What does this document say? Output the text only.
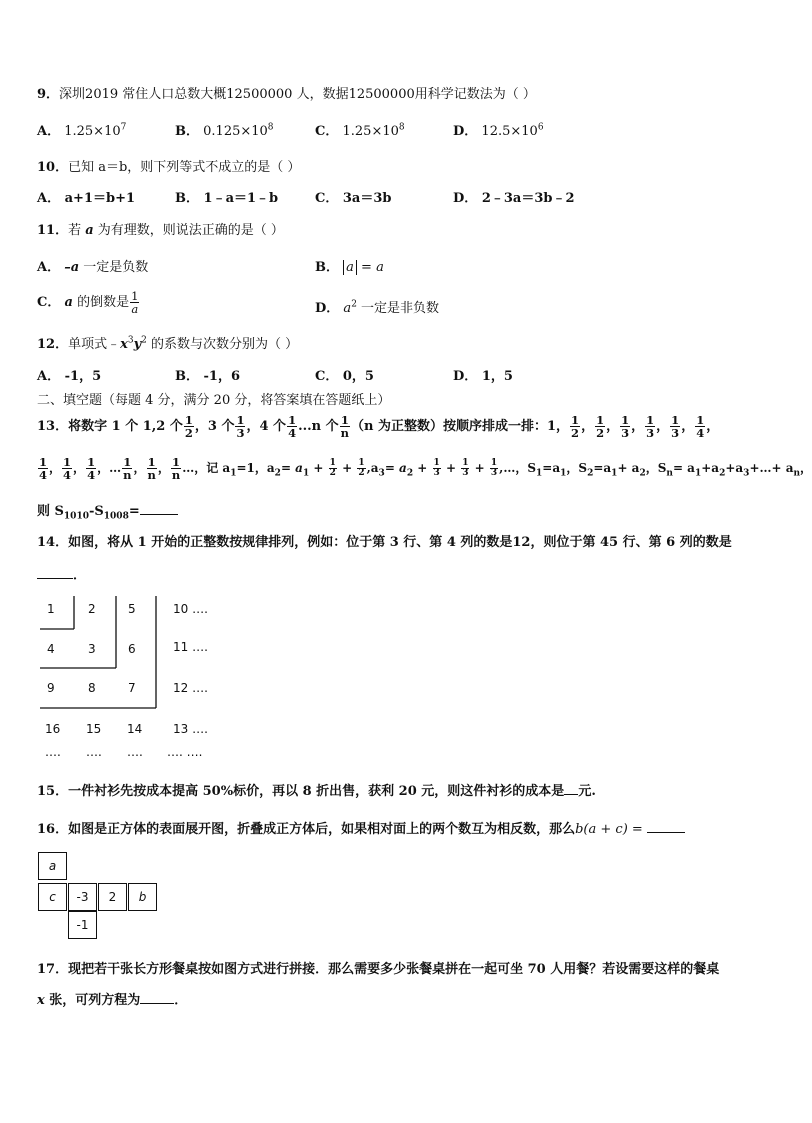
9．深圳2019 常住人口总数大概12500000 人，数据12500000用科学记数法为（ ）
A． $1.25\times 10^7$	B． $0.125\times 10^8$	C． $1.25\times 10^8$	D． $12.5\times 10^6$
10．已知 a＝b，则下列等式不成立的是（ ）
A． a+1＝b+1	B． 1﹣a＝1﹣b	C． 3a＝3b	D． 2﹣3a＝3b﹣2
11．若 a 为有理数，则说法正确的是（ ）
A． –a 一定是负数	B． a = a
C． a 的倒数是 $\frac{1}{a}$	D． $a^2$ 一定是非负数
12．单项式$﹣x^3y^2$ 的系数与次数分别为（ ）
A． -1，5	B． -1，6	C． 0，5	D． 1，5
二、填空题（每题 4 分，满分 20 分，将答案填在答题纸上）
13．将数字 1 个 1,2 个 $\frac{1}{2}$ ，3 个 $\frac{1}{3}$ ，4 个 $\frac{1}{4} ...n$ 个 $\frac{1}{n} (n$ 为正整数）按顺序排成一排：1， $\frac{1}{2}$ ， $\frac{1}{2}$ ， $\frac{1}{3}$ ， $\frac{1}{3}$ ， $\frac{1}{3}$ ， $\frac{1}{4}$ ，
$\frac{1}{4}$ ， $\frac{1}{4}$ ， $\frac{1}{4}$ ，… $\frac{1}{n}$ ， $\frac{1}{n}$ ， $\frac{1}{n}$ …，记 $a_1=1$，$a_2= a_1 + \frac{1}{2} + \frac{1}{2} ,a_3= a_2 + \frac{1}{3} + \frac{1}{3} + \frac{1}{3}$ ,…，$S_1=a_1$，$S_2=a_1+ a_2$，$S_n=$ $a_1+a_2+a_3+\dots+ a_n$，
则 $S_{1010}-S_{1008}=$
14．如图，将从 1 开始的正整数按规律排列，例如：位于第 3 行、第 4 列的数是12，则位于第 45 行、第 6 列的数是
．
1	2	5	10 ….
4	3	6	11 ….
9	8	7	12 ….
16 15 14	13 ….
…. …. …. …. ….
15．一件衬衫先按成本提高 50%标价，再以 8 折出售，获利 20 元，则这件衬衫的成本是 元.
16．如图是正方体的表面展开图，折叠成正方体后，如果相对面上的两个数互为相反数，那么b(a + c) =
a
c	-3	2	b
-1
17．现把若干张长方形餐桌按如图方式进行拼接．那么需要多少张餐桌拼在一起可坐 70 人用餐？若设需要这样的餐桌
x 张，可列方程为	．
